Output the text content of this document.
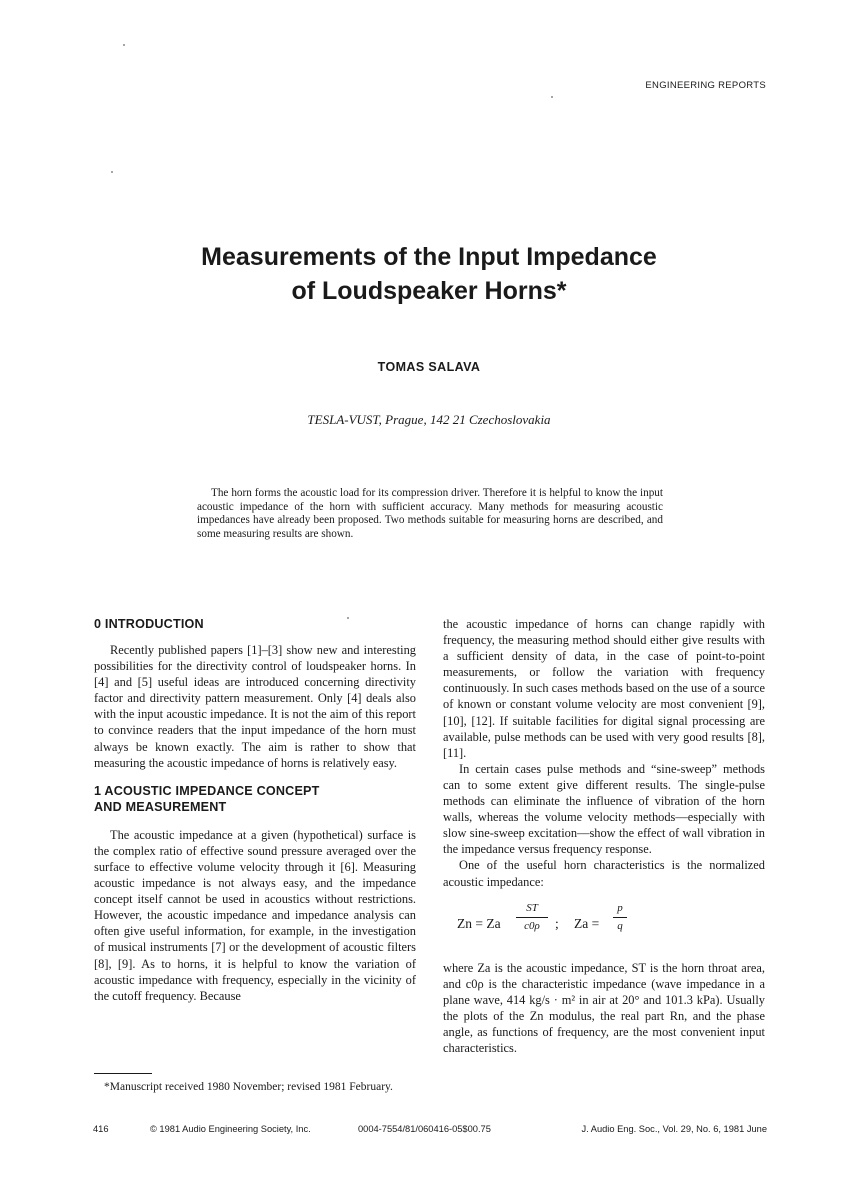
ENGINEERING REPORTS
Measurements of the Input Impedance
of Loudspeaker Horns*
TOMAS SALAVA
TESLA-VUST, Prague, 142 21 Czechoslovakia
The horn forms the acoustic load for its compression driver. Therefore it is helpful to know the input acoustic impedance of the horn with sufficient accuracy. Many methods for measuring acoustic impedances have already been proposed. Two methods suitable for measuring horns are described, and some measuring results are shown.
0 INTRODUCTION

Recently published papers [1]–[3] show new and interesting possibilities for the directivity control of loudspeaker horns. In [4] and [5] useful ideas are introduced concerning directivity factor and directivity pattern measurement. Only [4] deals also with the input acoustic impedance. It is not the aim of this report to convince readers that the input impedance of the horn must always be known exactly. The aim is rather to show that measuring the acoustic impedance of horns is relatively easy.

1 ACOUSTIC IMPEDANCE CONCEPT
AND MEASUREMENT

The acoustic impedance at a given (hypothetical) surface is the complex ratio of effective sound pressure averaged over the surface to effective volume velocity through it [6]. Measuring acoustic impedance is not always easy, and the impedance concept itself cannot be used in acoustics without restrictions. However, the acoustic impedance and impedance analysis can often give useful information, for example, in the investigation of musical instruments [7] or the development of acoustic filters [8], [9]. As to horns, it is helpful to know the variation of acoustic impedance with frequency, especially in the vicinity of the cutoff frequency. Because

the acoustic impedance of horns can change rapidly with frequency, the measuring method should either give results with a sufficient density of data, in the case of point-to-point measurements, or follow the variation with frequency continuously. In such cases methods based on the use of a source of known or constant volume velocity are most convenient [9], [10], [12]. If suitable facilities for digital signal processing are available, pulse methods can be used with very good results [8], [11].

In certain cases pulse methods and “sine-sweep” methods can to some extent give different results. The single-pulse methods can eliminate the influence of vibration of the horn walls, whereas the volume velocity methods—especially with slow sine-sweep excitation—show the effect of wall vibration in the impedance versus frequency response.

One of the useful horn characteristics is the normalized acoustic impedance:

Zn = Za $\frac{ST}{c0\rho}$ ; $Za = \frac{p}{q}$

where Za is the acoustic impedance, ST is the horn throat area, and c0ρ is the characteristic impedance (wave impedance in a plane wave, 414 kg/s · m² in air at 20° and 101.3 kPa). Usually the plots of the Zn modulus, the real part Rn, and the phase angle, as functions of frequency, are the most convenient input characteristics.

*Manuscript received 1980 November; revised 1981 February.
416	© 1981 Audio Engineering Society, Inc.	0004-7554/81/060416-05$00.75	J. Audio Eng. Soc., Vol. 29, No. 6, 1981 June
